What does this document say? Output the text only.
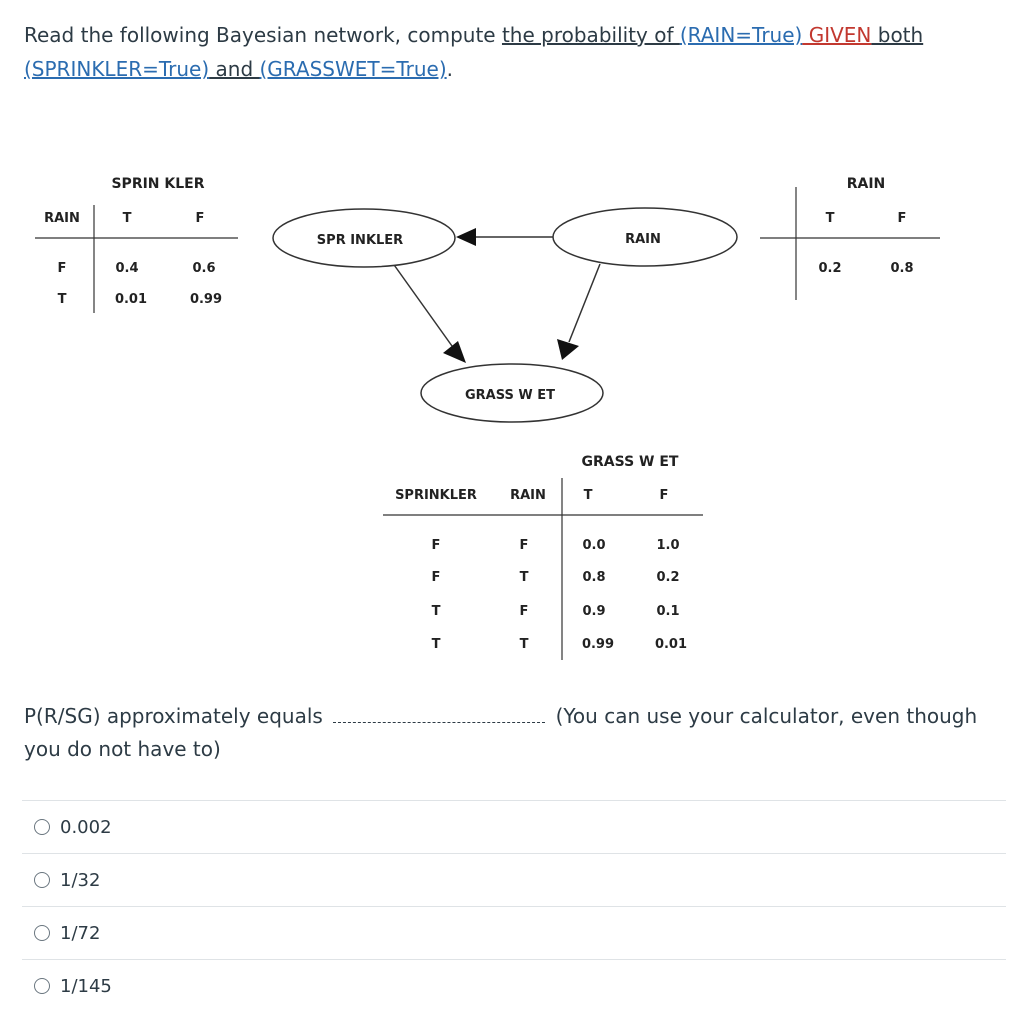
Read the following Bayesian network, compute the probability of (RAIN=True) GIVEN both
(SPRINKLER=True) and (GRASSWET=True).
SPRIN KLER
RAIN	T	F
F	0.4	0.6
T	0.01	0.99
RAIN
T	F
0.2	0.8
SPR INKLER	RAIN
GRASS W ET
GRASS W ET
SPRINKLER	RAIN	T	F
F	F	0.0	1.0
F	T	0.8	0.2
T	F	0.9	0.1
T	T	0.99	0.01
P(R/SG) approximately equals	(You can use your calculator, even though you do not have to)
0.002
1/32
1/72
1/145
